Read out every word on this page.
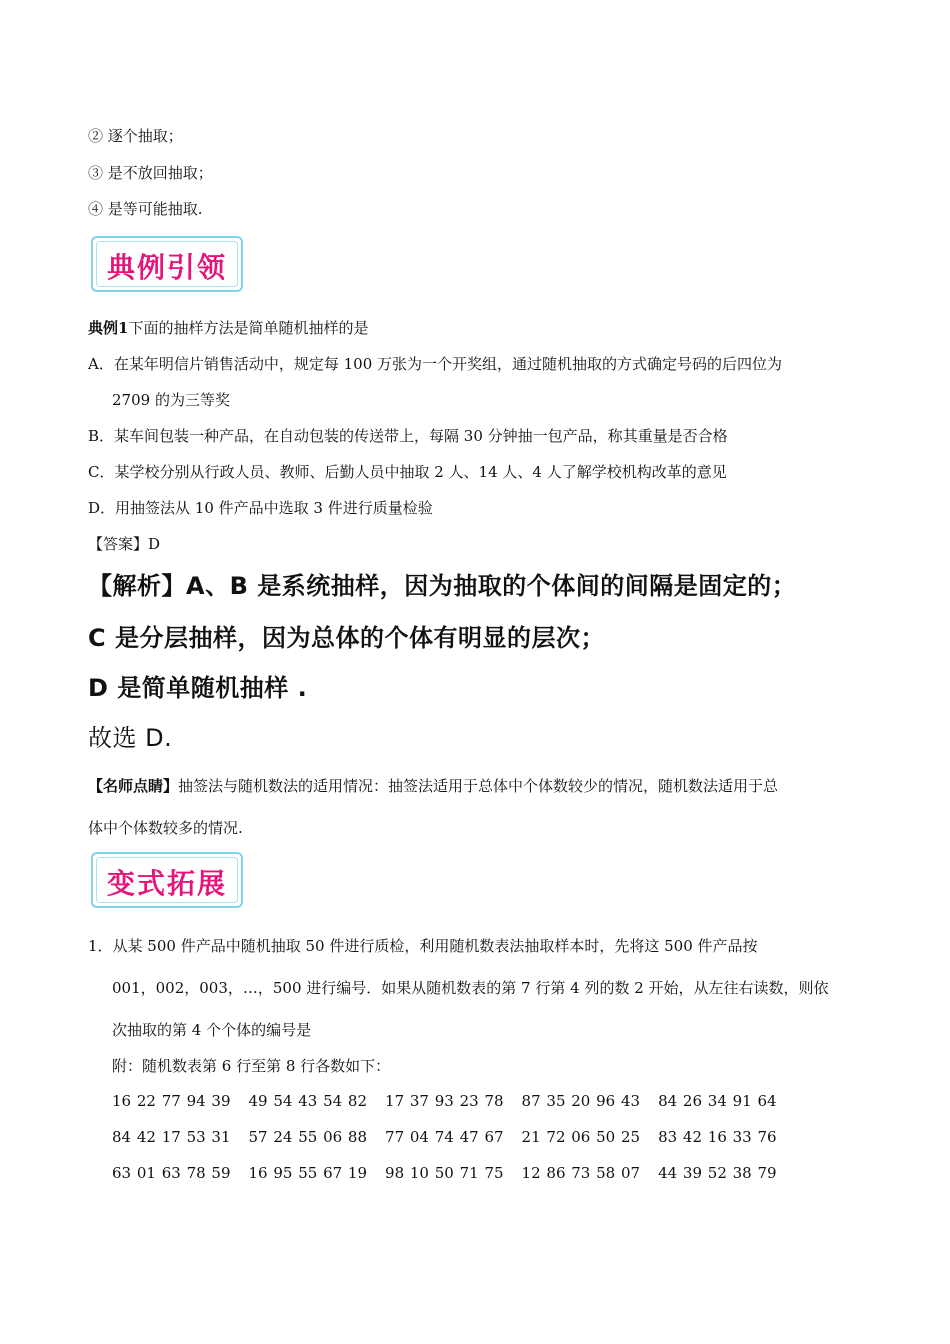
② 逐个抽取；
③ 是不放回抽取；
④ 是等可能抽取.
典例引领
典例1下面的抽样方法是简单随机抽样的是
A．在某年明信片销售活动中，规定每 100 万张为一个开奖组，通过随机抽取的方式确定号码的后四位为
2709 的为三等奖
B．某车间包装一种产品，在自动包装的传送带上，每隔 30 分钟抽一包产品，称其重量是否合格
C．某学校分别从行政人员、教师、后勤人员中抽取 2 人、14 人、4 人了解学校机构改革的意见
D．用抽签法从 10 件产品中选取 3 件进行质量检验
【答案】D
【解析】A、B 是系统抽样，因为抽取的个体间的间隔是固定的；
C 是分层抽样，因为总体的个体有明显的层次；
D 是简单随机抽样 .
故选 D.
【名师点睛】抽签法与随机数法的适用情况：抽签法适用于总体中个体数较少的情况，随机数法适用于总
体中个体数较多的情况.
变式拓展
1．从某 500 件产品中随机抽取 50 件进行质检，利用随机数表法抽取样本时，先将这 500 件产品按
001，002，003，…，500 进行编号．如果从随机数表的第 7 行第 4 列的数 2 开始，从左往右读数，则依
次抽取的第 4 个个体的编号是
附：随机数表第 6 行至第 8 行各数如下：
16 22 77 94 39 49 54 43 54 82 17 37 93 23 78 87 35 20 96 43 84 26 34 91 64
84 42 17 53 31 57 24 55 06 88 77 04 74 47 67 21 72 06 50 25 83 42 16 33 76
63 01 63 78 59 16 95 55 67 19 98 10 50 71 75 12 86 73 58 07 44 39 52 38 79
